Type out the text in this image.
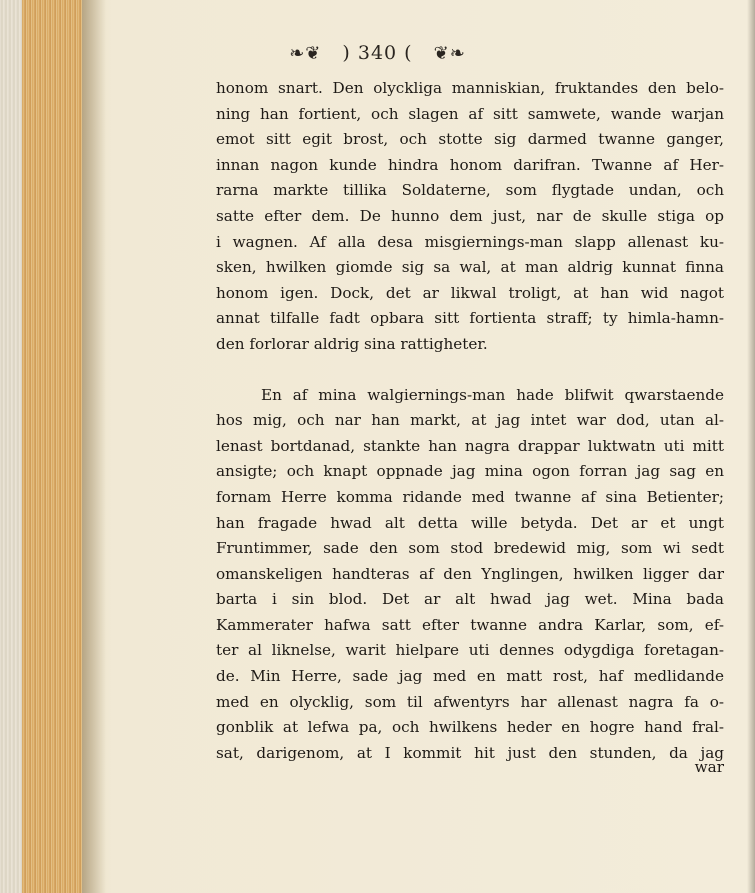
❧❦ ) 340 ( ❦❧
honom snart. Den olyckliga manniskian, fruktandes den belo-
ning han fortient, och slagen af sitt samwete, wande warjan
emot sitt egit brost, och stotte sig darmed twanne ganger,
innan nagon kunde hindra honom darifran. Twanne af Her-
rarna markte tillika Soldaterne, som flygtade undan, och
satte efter dem. De hunno dem just, nar de skulle stiga op
i wagnen. Af alla desa misgiernings-man slapp allenast ku-
sken, hwilken giomde sig sa wal, at man aldrig kunnat finna
honom igen. Dock, det ar likwal troligt, at han wid nagot
annat tilfalle fadt opbara sitt fortienta straff; ty himla-hamn-
den forlorar aldrig sina rattigheter.
En af mina walgiernings-man hade blifwit qwarstaende
hos mig, och nar han markt, at jag intet war dod, utan al-
lenast bortdanad, stankte han nagra drappar luktwatn uti mitt
ansigte; och knapt oppnade jag mina ogon forran jag sag en
fornam Herre komma ridande med twanne af sina Betienter;
han fragade hwad alt detta wille betyda. Det ar et ungt
Fruntimmer, sade den som stod bredewid mig, som wi sedt
omanskeligen handteras af den Ynglingen, hwilken ligger dar
barta i sin blod. Det ar alt hwad jag wet. Mina bada
Kammerater hafwa satt efter twanne andra Karlar, som, ef-
ter al liknelse, warit hielpare uti dennes odygdiga foretagan-
de. Min Herre, sade jag med en matt rost, haf medlidande
med en olycklig, som til afwentyrs har allenast nagra fa o-
gonblik at lefwa pa, och hwilkens heder en hogre hand fral-
sat, darigenom, at I kommit hit just den stunden, da jag
war
